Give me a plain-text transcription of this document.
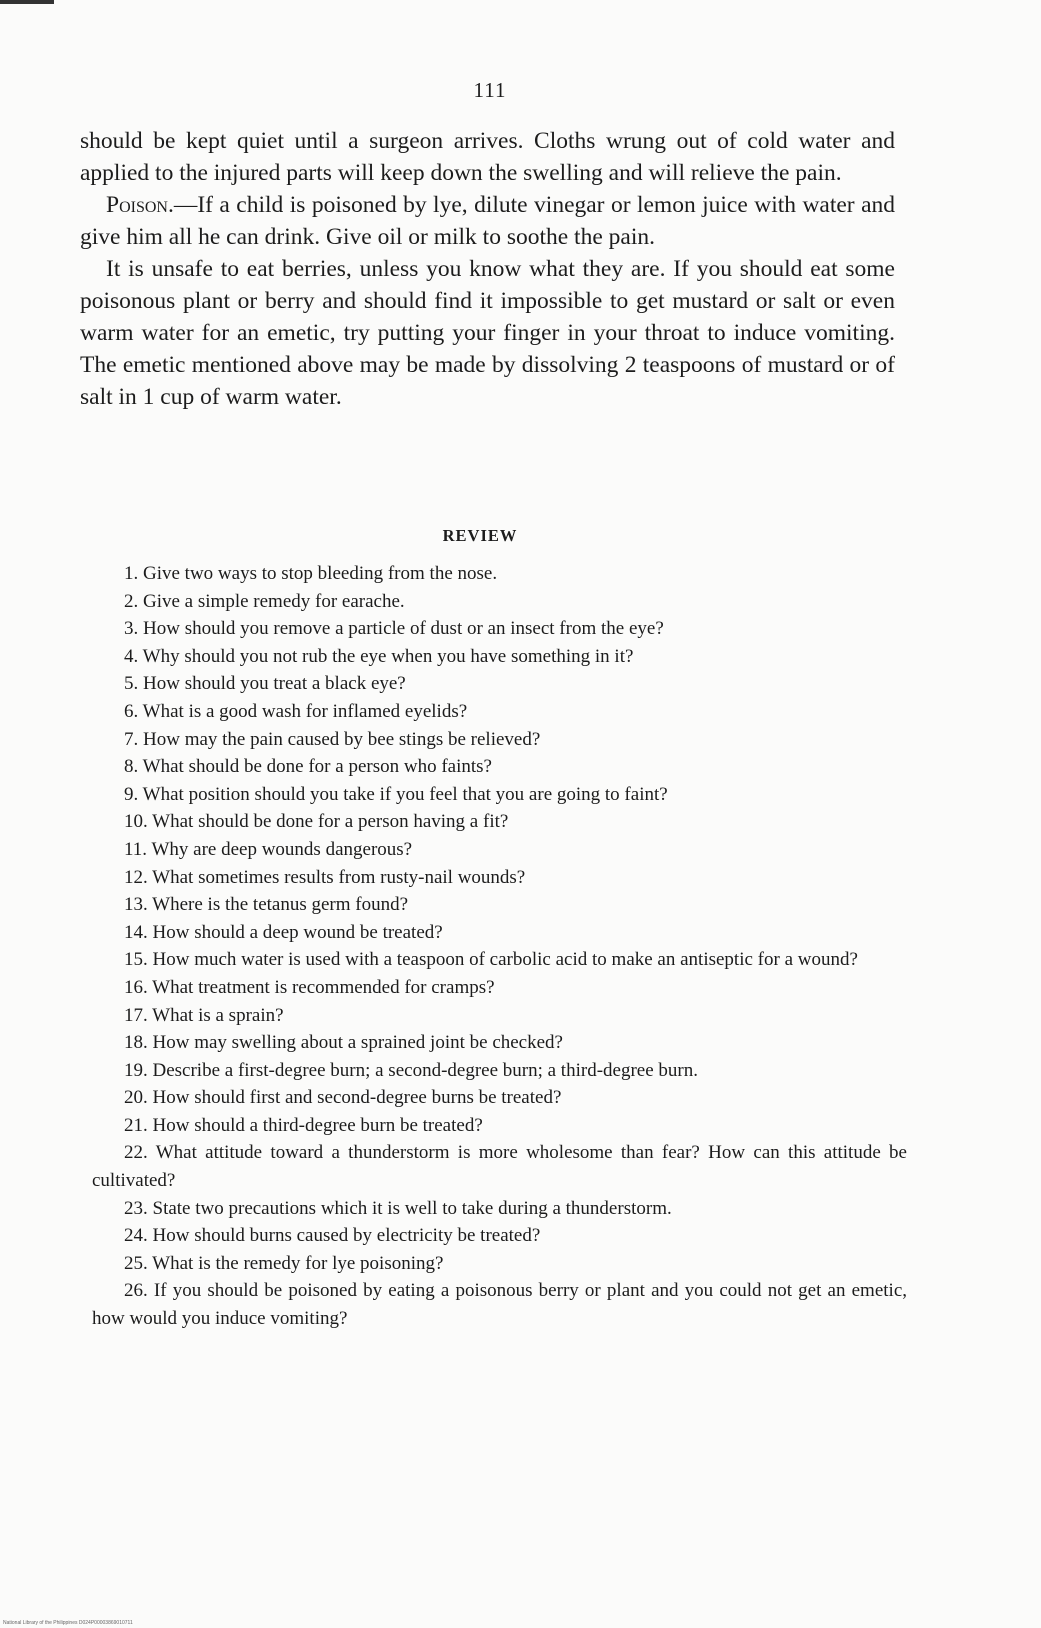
111

should be kept quiet until a surgeon arrives. Cloths wrung out of cold water and applied to the injured parts will keep down the swelling and will relieve the pain.

Poison.—If a child is poisoned by lye, dilute vinegar or lemon juice with water and give him all he can drink. Give oil or milk to soothe the pain.

It is unsafe to eat berries, unless you know what they are. If you should eat some poisonous plant or berry and should find it impossible to get mustard or salt or even warm water for an emetic, try putting your finger in your throat to induce vomiting. The emetic mentioned above may be made by dissolving 2 teaspoons of mustard or of salt in 1 cup of warm water.

REVIEW
1. Give two ways to stop bleeding from the nose.
2. Give a simple remedy for earache.
3. How should you remove a particle of dust or an insect from the eye?
4. Why should you not rub the eye when you have something in it?
5. How should you treat a black eye?
6. What is a good wash for inflamed eyelids?
7. How may the pain caused by bee stings be relieved?
8. What should be done for a person who faints?
9. What position should you take if you feel that you are going to faint?
10. What should be done for a person having a fit?
11. Why are deep wounds dangerous?
12. What sometimes results from rusty-nail wounds?
13. Where is the tetanus germ found?
14. How should a deep wound be treated?
15. How much water is used with a teaspoon of carbolic acid to make an antiseptic for a wound?
16. What treatment is recommended for cramps?
17. What is a sprain?
18. How may swelling about a sprained joint be checked?
19. Describe a first-degree burn; a second-degree burn; a third-degree burn.
20. How should first and second-degree burns be treated?
21. How should a third-degree burn be treated?
22. What attitude toward a thunderstorm is more wholesome than fear? How can this attitude be cultivated?
23. State two precautions which it is well to take during a thunderstorm.
24. How should burns caused by electricity be treated?
25. What is the remedy for lye poisoning?
26. If you should be poisoned by eating a poisonous berry or plant and you could not get an emetic, how would you induce vomiting?
National Library of the Philippines D024P00003869010711
